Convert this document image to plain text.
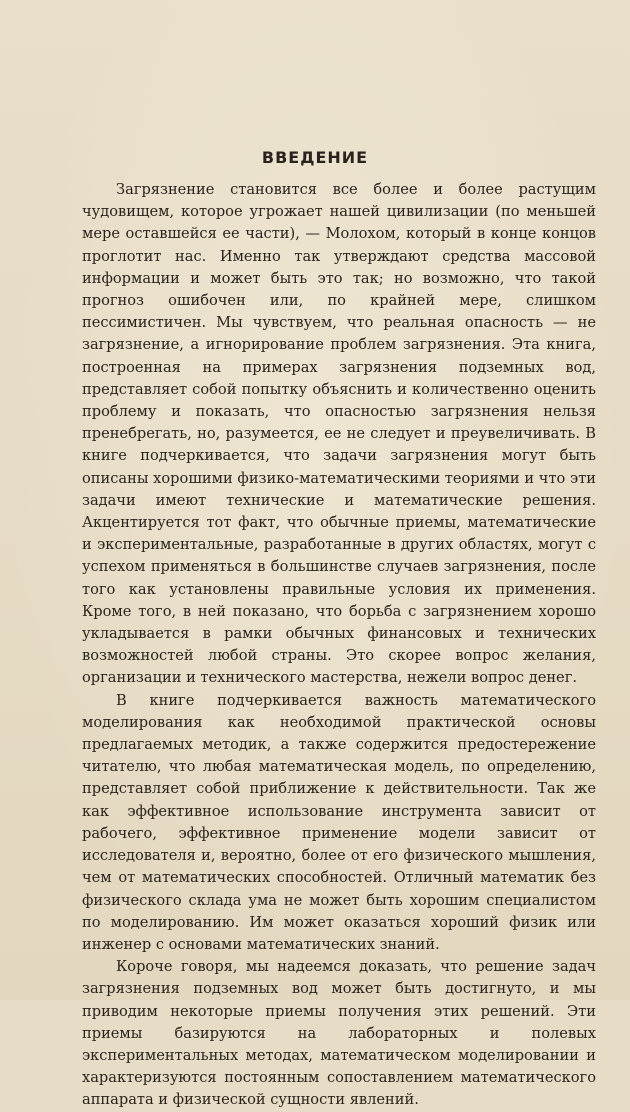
ВВЕДЕНИЕ

Загрязнение становится все более и более растущим чудовищем, которое угрожает нашей цивилизации (по меньшей мере оставшейся ее части), — Молохом, который в конце концов проглотит нас. Именно так утверждают средства массовой информации и может быть это так; но возможно, что такой прогноз ошибочен или, по крайней мере, слишком пессимистичен. Мы чувствуем, что реальная опасность — не загрязнение, а игнорирование проблем загрязнения. Эта книга, построенная на примерах загрязнения подземных вод, представляет собой попытку объяснить и количественно оценить проблему и показать, что опасностью загрязнения нельзя пренебрегать, но, разумеется, ее не следует и преувеличивать. В книге подчеркивается, что задачи загрязнения могут быть описаны хорошими физико-математическими теориями и что эти задачи имеют технические и математические решения. Акцентируется тот факт, что обычные приемы, математические и экспериментальные, разработанные в других областях, могут с успехом применяться в большинстве случаев загрязнения, после того как установлены правильные условия их применения. Кроме того, в ней показано, что борьба с загрязнением хорошо укладывается в рамки обычных финансовых и технических возможностей любой страны. Это скорее вопрос желания, организации и технического мастерства, нежели вопрос денег.

В книге подчеркивается важность математического моделирования как необходимой практической основы предлагаемых методик, а также содержится предостережение читателю, что любая математическая модель, по определению, представляет собой приближение к действительности. Так же как эффективное использование инструмента зависит от рабочего, эффективное применение модели зависит от исследователя и, вероятно, более от его физического мышления, чем от математических способностей. Отличный математик без физического склада ума не может быть хорошим специалистом по моделированию. Им может оказаться хороший физик или инженер с основами математических знаний.

Короче говоря, мы надеемся доказать, что решение задач загрязнения подземных вод может быть достигнуто, и мы приводим некоторые приемы получения этих решений. Эти приемы базируются на лабораторных и полевых экспериментальных методах, математическом моделировании и характеризуются постоянным сопоставлением математического аппарата и физической сущности явлений.
